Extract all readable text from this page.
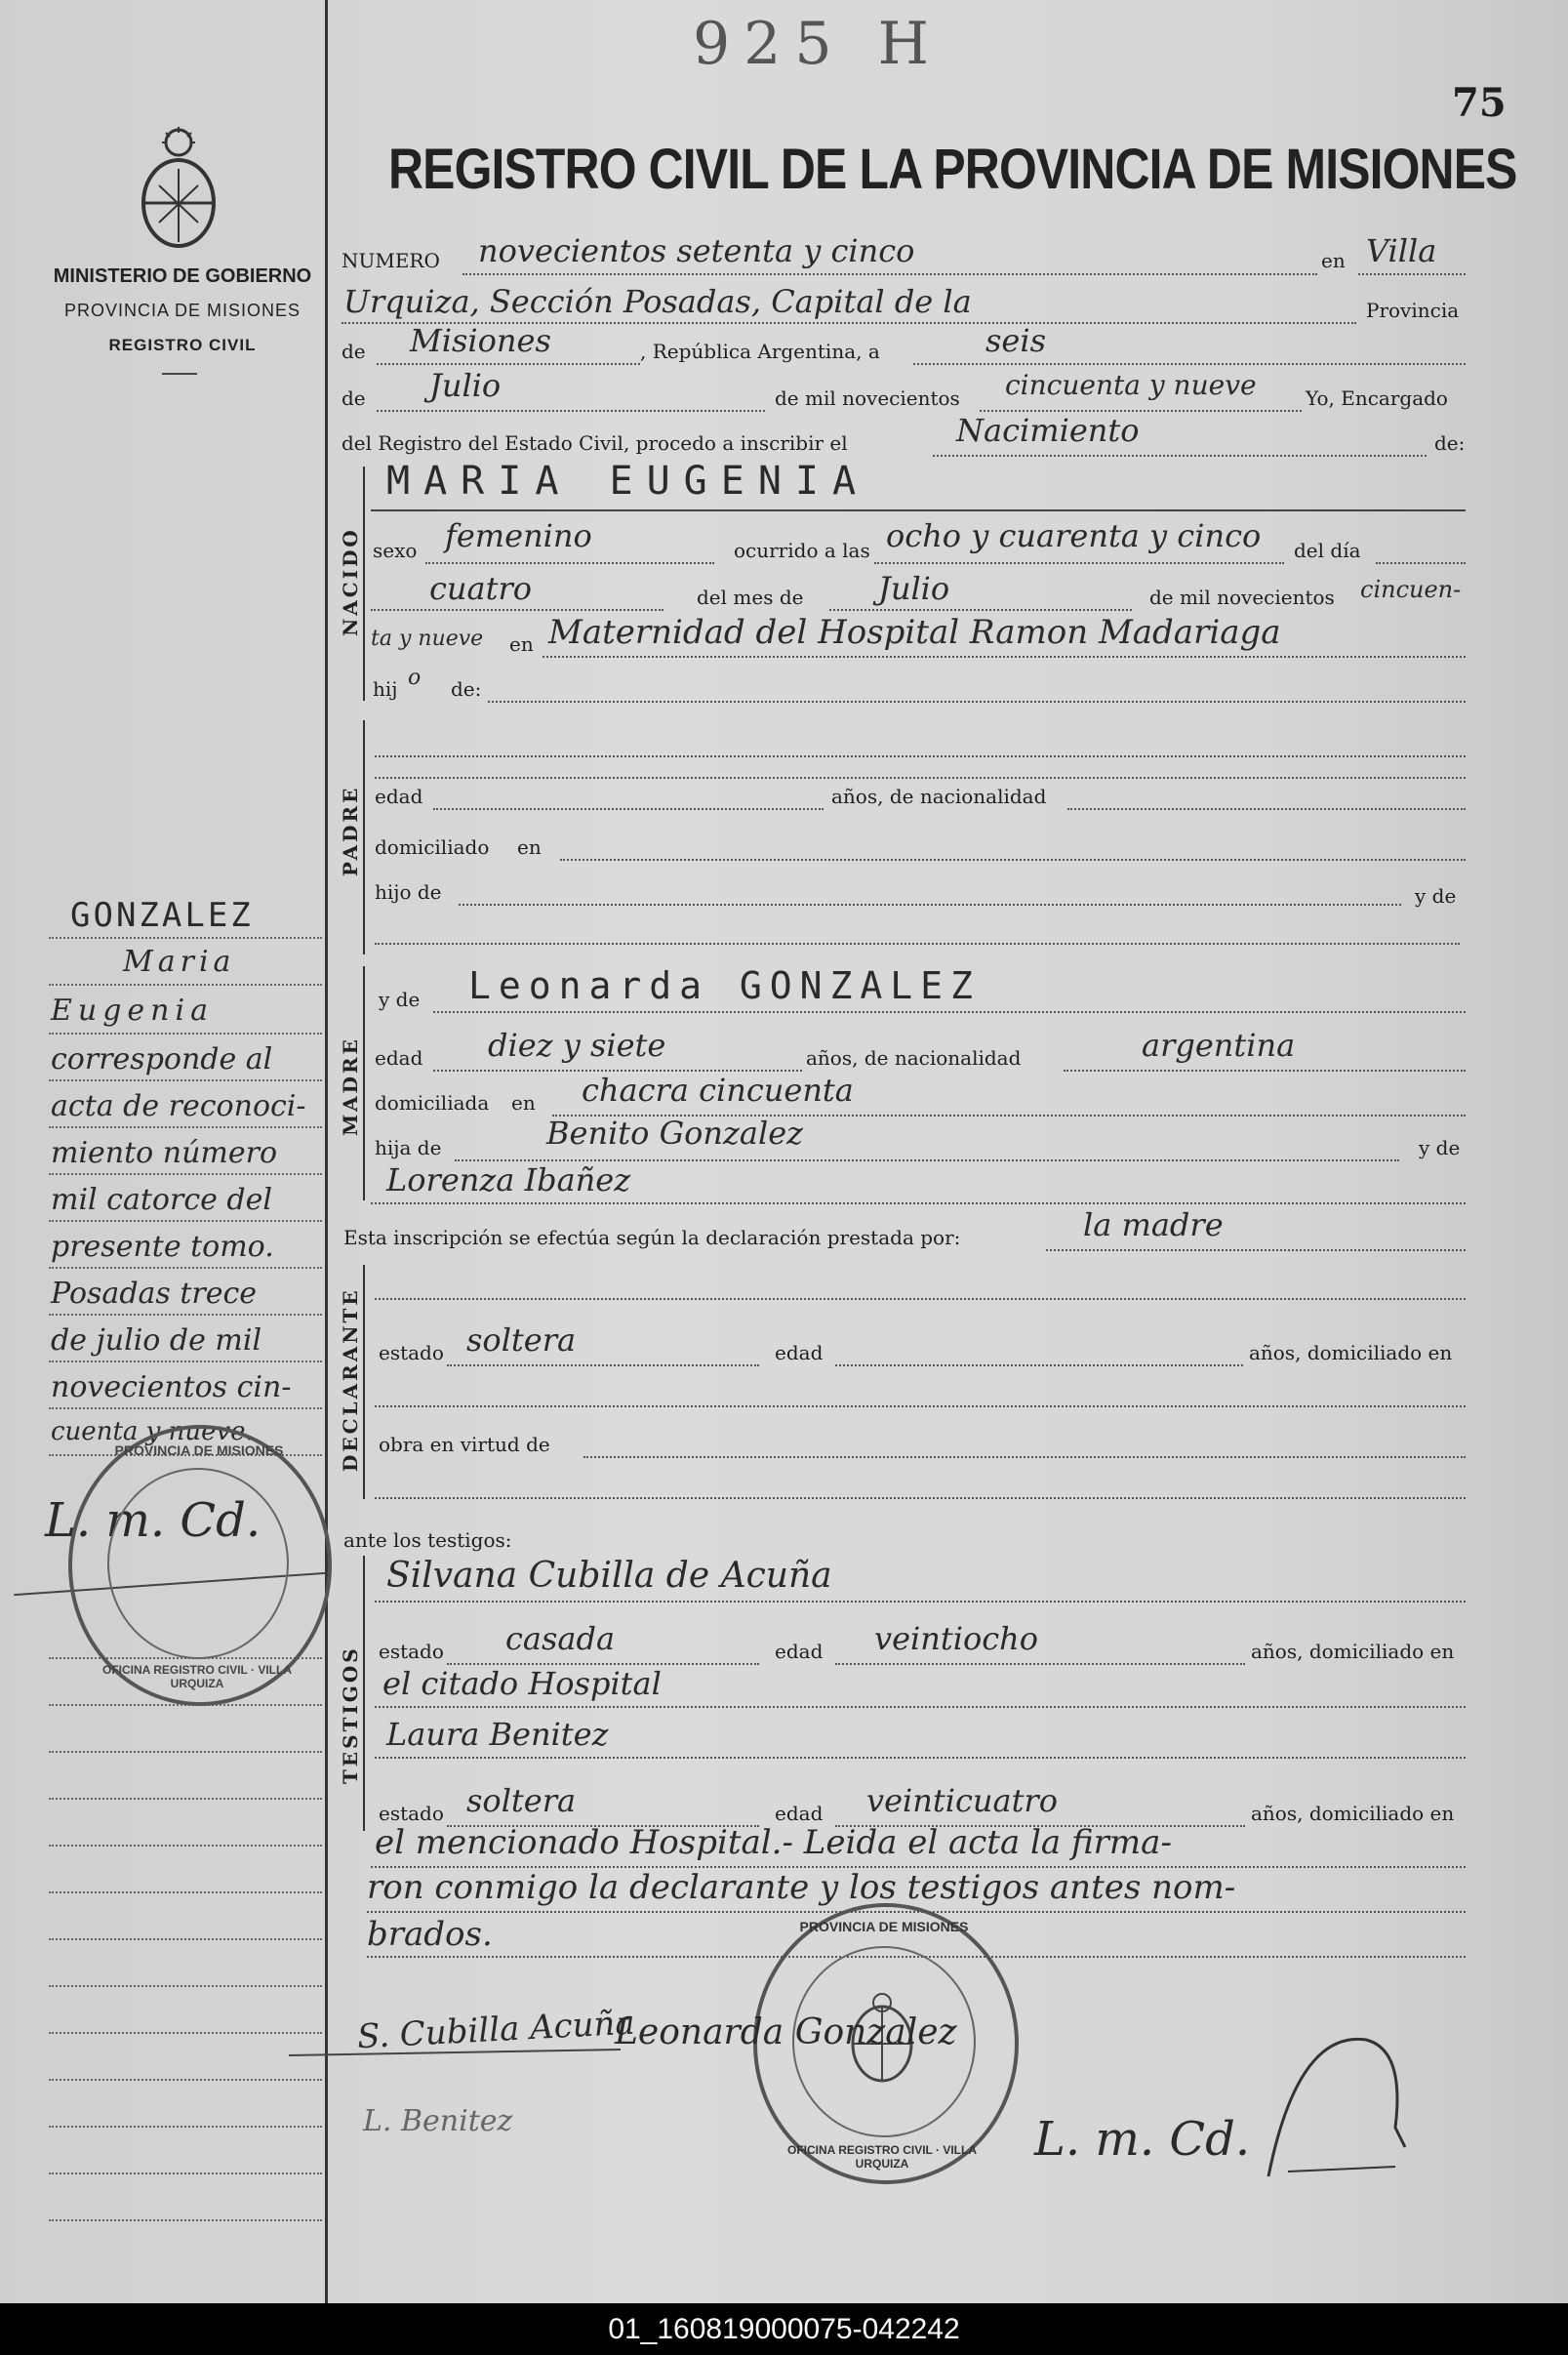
925 H
75
MINISTERIO DE GOBIERNO
PROVINCIA DE MISIONES
REGISTRO CIVIL
REGISTRO CIVIL DE LA PROVINCIA DE MISIONES
NUMERO novecientos setenta y cinco	en Villa
Urquiza, Sección Posadas, Capital de la	Provincia
de Misiones	, República Argentina, a	seis
de Julio	de mil novecientos cincuenta y nueve	Yo, Encargado
del Registro del Estado Civil, procedo a inscribir el	Nacimiento	de:
NACIDO
MARIA EUGENIA
sexo femenino	ocurrido a las ocho y cuarenta y cinco del día
cuatro	del mes de Julio	de mil novecientos cincuen-
ta y nueve en Maternidad del Hospital Ramon Madariaga
hij o de:
PADRE edad	años, de nacionalidad
domiciliado en
hijo de	y de
GONZALEZ
Maria
Eugenia
corresponde al
acta de reconoci-
miento número
mil catorce del
presente tomo.
Posadas trece
de julio de mil
novecientos cin-
cuenta y nueve.
L. m. Cd.
PROVINCIA DE MISIONES
OFICINA REGISTRO CIVIL · VILLA URQUIZA
MADRE
y de Leonarda GONZALEZ
edad diez y siete	años, de nacionalidad	argentina
domiciliada en chacra cincuenta
hija de	Benito Gonzalez	y de
Lorenza Ibañez
Esta inscripción se efectúa según la declaración prestada por:	la madre
DECLARANTE estado soltera	edad	años, domiciliado en
obra en virtud de
ante los testigos:
TESTIGOS
Silvana Cubilla de Acuña
estado casada	edad veintiocho	años, domiciliado en
el citado Hospital
Laura Benitez
estado soltera	edad veinticuatro	años, domiciliado en
el mencionado Hospital.- Leida el acta la firma-
ron conmigo la declarante y los testigos antes nom-
brados.	PROVINCIA DE MISIONES
OFICINA REGISTRO CIVIL · VILLA URQUIZA
S. Cubilla Acuña
Leonarda Gonzalez
L. Benitez	L. m. Cd.
01_160819000075-042242
